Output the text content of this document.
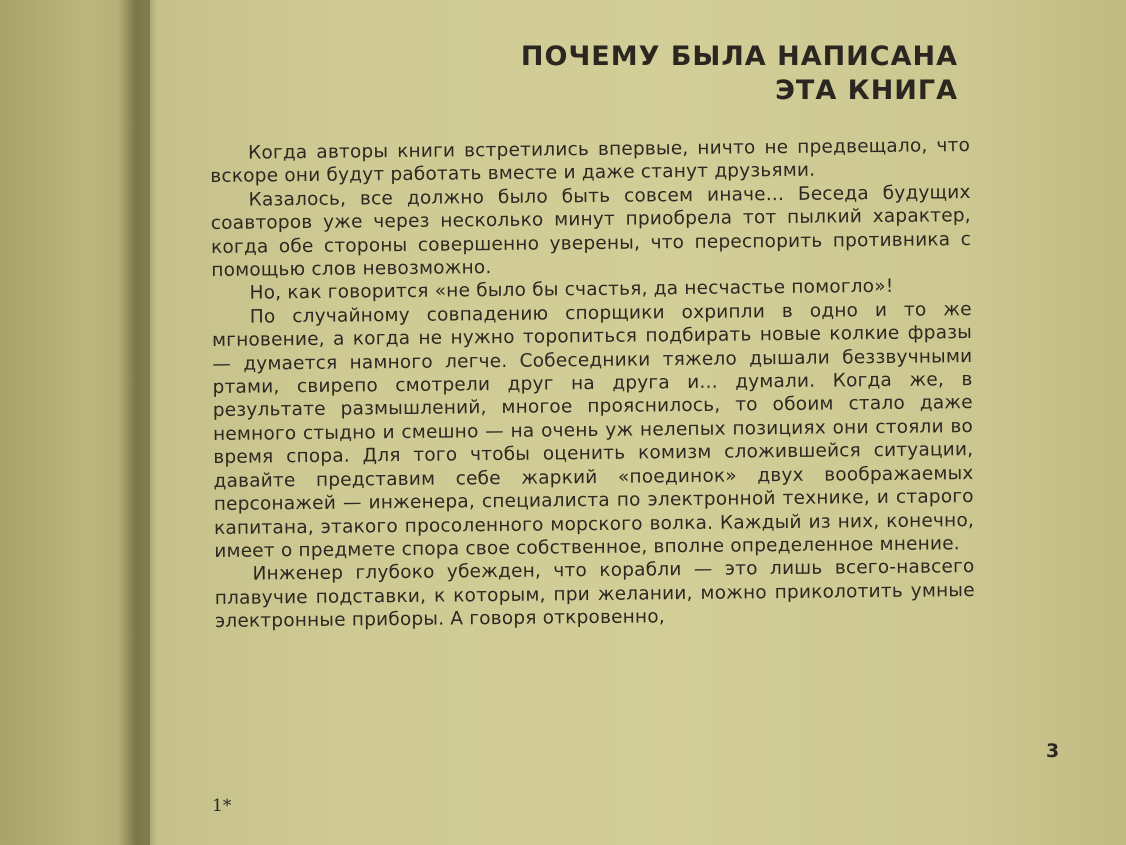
ПОЧЕМУ БЫЛА НАПИСАНА
ЭТА КНИГА

Когда авторы книги встретились впервые, ничто не предвещало, что вскоре они будут работать вместе и даже станут друзьями.

Казалось, все должно было быть совсем иначе... Беседа будущих соавторов уже через несколько минут приобрела тот пылкий характер, когда обе стороны совершенно уверены, что переспорить противника с помощью слов невозможно.

Но, как говорится «не было бы счастья, да несчастье помогло»!

По случайному совпадению спорщики охрипли в одно и то же мгновение, а когда не нужно торопиться подбирать новые колкие фразы — думается намного легче. Собеседники тяжело дышали беззвучными ртами, свирепо смотрели друг на друга и... думали. Когда же, в результате размышлений, многое прояснилось, то обоим стало даже немного стыдно и смешно — на очень уж нелепых позициях они стояли во время спора. Для того чтобы оценить комизм сложившейся ситуации, давайте представим себе жаркий «поединок» двух воображаемых персонажей — инженера, специалиста по электронной технике, и старого капитана, этакого просоленного морского волка. Каждый из них, конечно, имеет о предмете спора свое собственное, вполне определенное мнение.

Инженер глубоко убежден, что корабли — это лишь всего-навсего плавучие подставки, к которым, при желании, можно приколотить умные электронные приборы. А говоря откровенно,

3
1*
